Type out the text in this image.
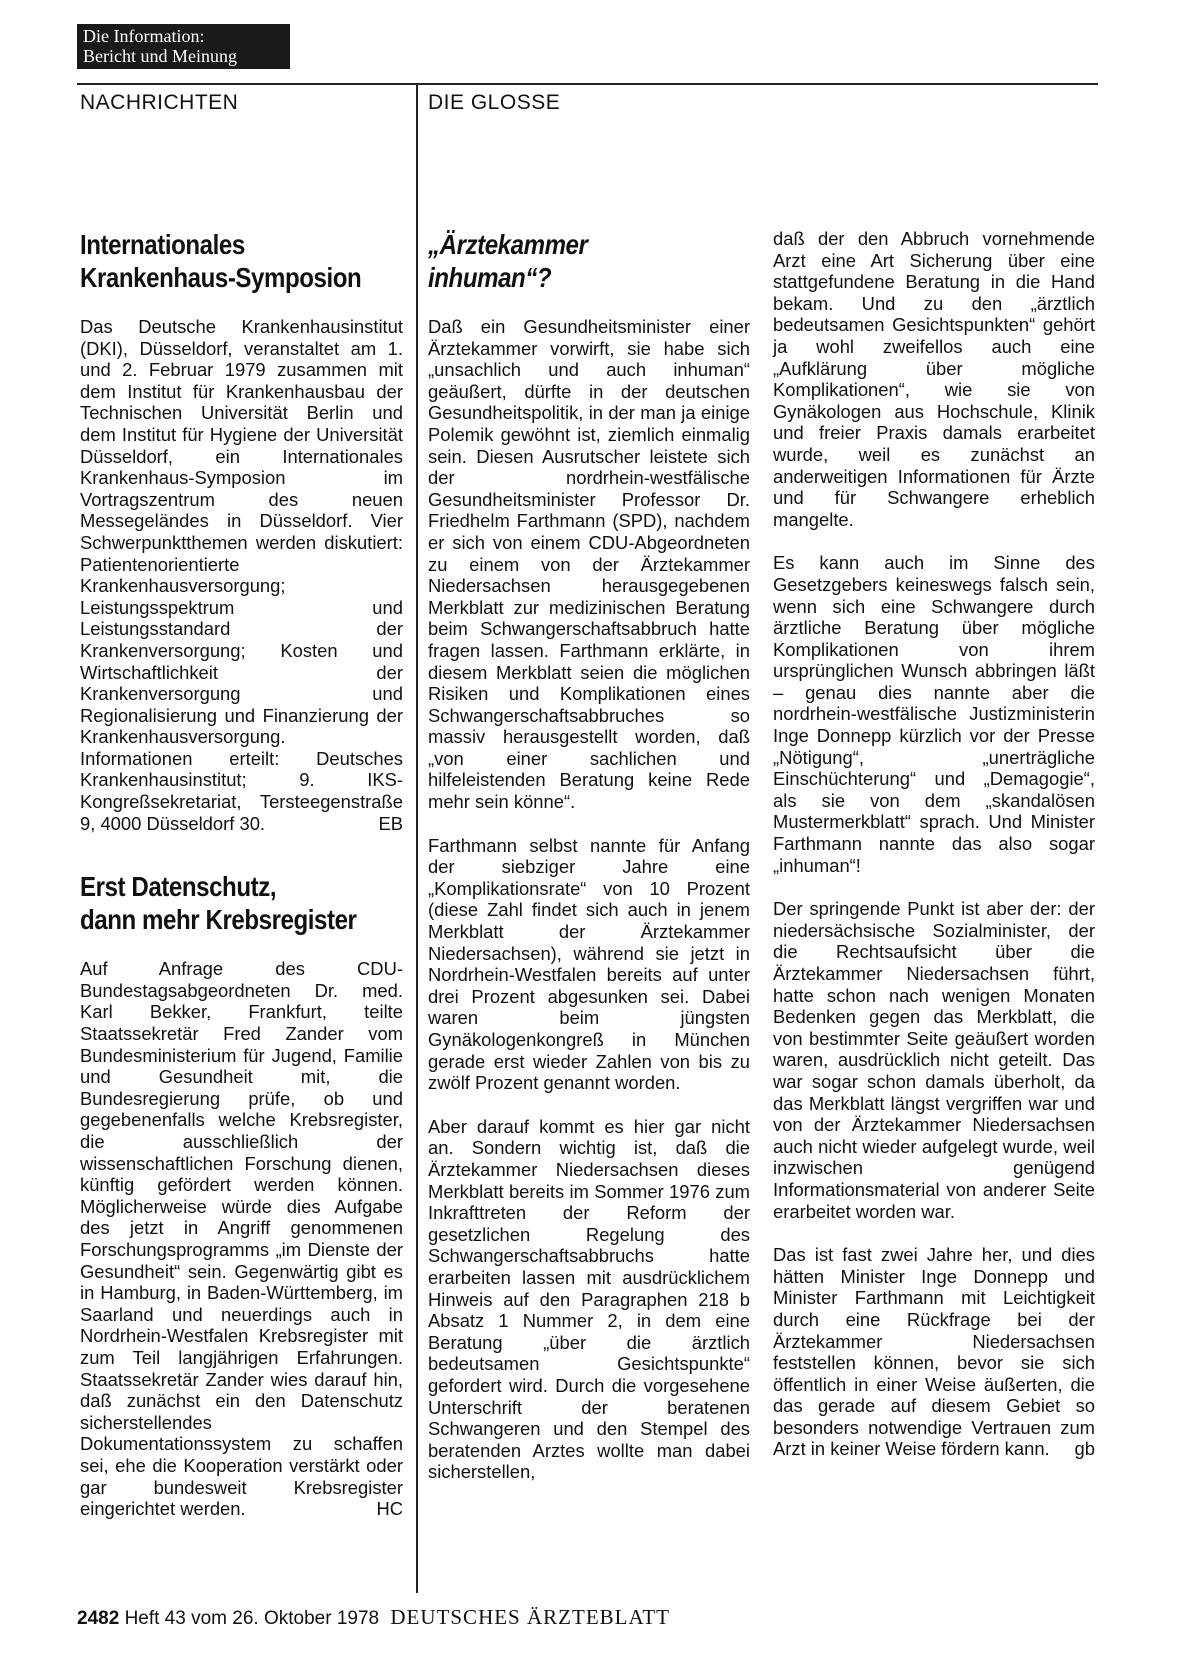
Die Information:
Bericht und Meinung
NACHRICHTEN	DIE GLOSSE
Internationales
Krankenhaus-Symposion

Das Deutsche Krankenhausinstitut (DKI), Düsseldorf, veranstaltet am 1. und 2. Februar 1979 zusammen mit dem Institut für Krankenhausbau der Technischen Universität Berlin und dem Institut für Hygiene der Universität Düsseldorf, ein Internationales Krankenhaus-Symposion im Vortragszentrum des neuen Messegeländes in Düsseldorf. Vier Schwerpunktthemen werden diskutiert: Patientenorientierte Krankenhausversorgung; Leistungsspektrum und Leistungsstandard der Krankenversorgung; Kosten und Wirtschaftlichkeit der Krankenversorgung und Regionalisierung und Finanzierung der Krankenhausversorgung. Informationen erteilt: Deutsches Krankenhausinstitut; 9. IKS-Kongreßsekretariat, Tersteegenstraße 9, 4000 Düsseldorf 30.	EB

Erst Datenschutz,
dann mehr Krebsregister

Auf Anfrage des CDU-Bundestagsabgeordneten Dr. med. Karl Bekker, Frankfurt, teilte Staatssekretär Fred Zander vom Bundesministerium für Jugend, Familie und Gesundheit mit, die Bundesregierung prüfe, ob und gegebenenfalls welche Krebsregister, die ausschließlich der wissenschaftlichen Forschung dienen, künftig gefördert werden können. Möglicherweise würde dies Aufgabe des jetzt in Angriff genommenen Forschungsprogramms „im Dienste der Gesundheit“ sein. Gegenwärtig gibt es in Hamburg, in Baden-Württemberg, im Saarland und neuerdings auch in Nordrhein-Westfalen Krebsregister mit zum Teil langjährigen Erfahrungen. Staatssekretär Zander wies darauf hin, daß zunächst ein den Datenschutz sicherstellendes Dokumentationssystem zu schaffen sei, ehe die Kooperation verstärkt oder gar bundesweit Krebsregister eingerichtet werden.	HC

„Ärztekammer
inhuman“?

Daß ein Gesundheitsminister einer Ärztekammer vorwirft, sie habe sich „unsachlich und auch inhuman“ geäußert, dürfte in der deutschen Gesundheitspolitik, in der man ja einige Polemik gewöhnt ist, ziemlich einmalig sein. Diesen Ausrutscher leistete sich der nordrhein-westfälische Gesundheitsminister Professor Dr. Friedhelm Farthmann (SPD), nachdem er sich von einem CDU-Abgeordneten zu einem von der Ärztekammer Niedersachsen herausgegebenen Merkblatt zur medizinischen Beratung beim Schwangerschaftsabbruch hatte fragen lassen. Farthmann erklärte, in diesem Merkblatt seien die möglichen Risiken und Komplikationen eines Schwangerschaftsabbruches so massiv herausgestellt worden, daß „von einer sachlichen und hilfeleistenden Beratung keine Rede mehr sein könne“.

Farthmann selbst nannte für Anfang der siebziger Jahre eine „Komplikationsrate“ von 10 Prozent (diese Zahl findet sich auch in jenem Merkblatt der Ärztekammer Niedersachsen), während sie jetzt in Nordrhein-Westfalen bereits auf unter drei Prozent abgesunken sei. Dabei waren beim jüngsten Gynäkologenkongreß in München gerade erst wieder Zahlen von bis zu zwölf Prozent genannt worden.

Aber darauf kommt es hier gar nicht an. Sondern wichtig ist, daß die Ärztekammer Niedersachsen dieses Merkblatt bereits im Sommer 1976 zum Inkrafttreten der Reform der gesetzlichen Regelung des Schwangerschaftsabbruchs hatte erarbeiten lassen mit ausdrücklichem Hinweis auf den Paragraphen 218 b Absatz 1 Nummer 2, in dem eine Beratung „über die ärztlich bedeutsamen Gesichtspunkte“ gefordert wird. Durch die vorgesehene Unterschrift der beratenen Schwangeren und den Stempel des beratenden Arztes wollte man dabei sicherstellen,

daß der den Abbruch vornehmende Arzt eine Art Sicherung über eine stattgefundene Beratung in die Hand bekam. Und zu den „ärztlich bedeutsamen Gesichtspunkten“ gehört ja wohl zweifellos auch eine „Aufklärung über mögliche Komplikationen“, wie sie von Gynäkologen aus Hochschule, Klinik und freier Praxis damals erarbeitet wurde, weil es zunächst an anderweitigen Informationen für Ärzte und für Schwangere erheblich mangelte.

Es kann auch im Sinne des Gesetzgebers keineswegs falsch sein, wenn sich eine Schwangere durch ärztliche Beratung über mögliche Komplikationen von ihrem ursprünglichen Wunsch abbringen läßt – genau dies nannte aber die nordrhein-westfälische Justizministerin Inge Donnepp kürzlich vor der Presse „Nötigung“, „unerträgliche Einschüchterung“ und „Demagogie“, als sie von dem „skandalösen Mustermerkblatt“ sprach. Und Minister Farthmann nannte das also sogar „inhuman“!

Der springende Punkt ist aber der: der niedersächsische Sozialminister, der die Rechtsaufsicht über die Ärztekammer Niedersachsen führt, hatte schon nach wenigen Monaten Bedenken gegen das Merkblatt, die von bestimmter Seite geäußert worden waren, ausdrücklich nicht geteilt. Das war sogar schon damals überholt, da das Merkblatt längst vergriffen war und von der Ärztekammer Niedersachsen auch nicht wieder aufgelegt wurde, weil inzwischen genügend Informationsmaterial von anderer Seite erarbeitet worden war.

Das ist fast zwei Jahre her, und dies hätten Minister Inge Donnepp und Minister Farthmann mit Leichtigkeit durch eine Rückfrage bei der Ärztekammer Niedersachsen feststellen können, bevor sie sich öffentlich in einer Weise äußerten, die das gerade auf diesem Gebiet so besonders notwendige Vertrauen zum Arzt in keiner Weise fördern kann. gb

2482 Heft 43 vom 26. Oktober 1978 DEUTSCHES ÄRZTEBLATT
